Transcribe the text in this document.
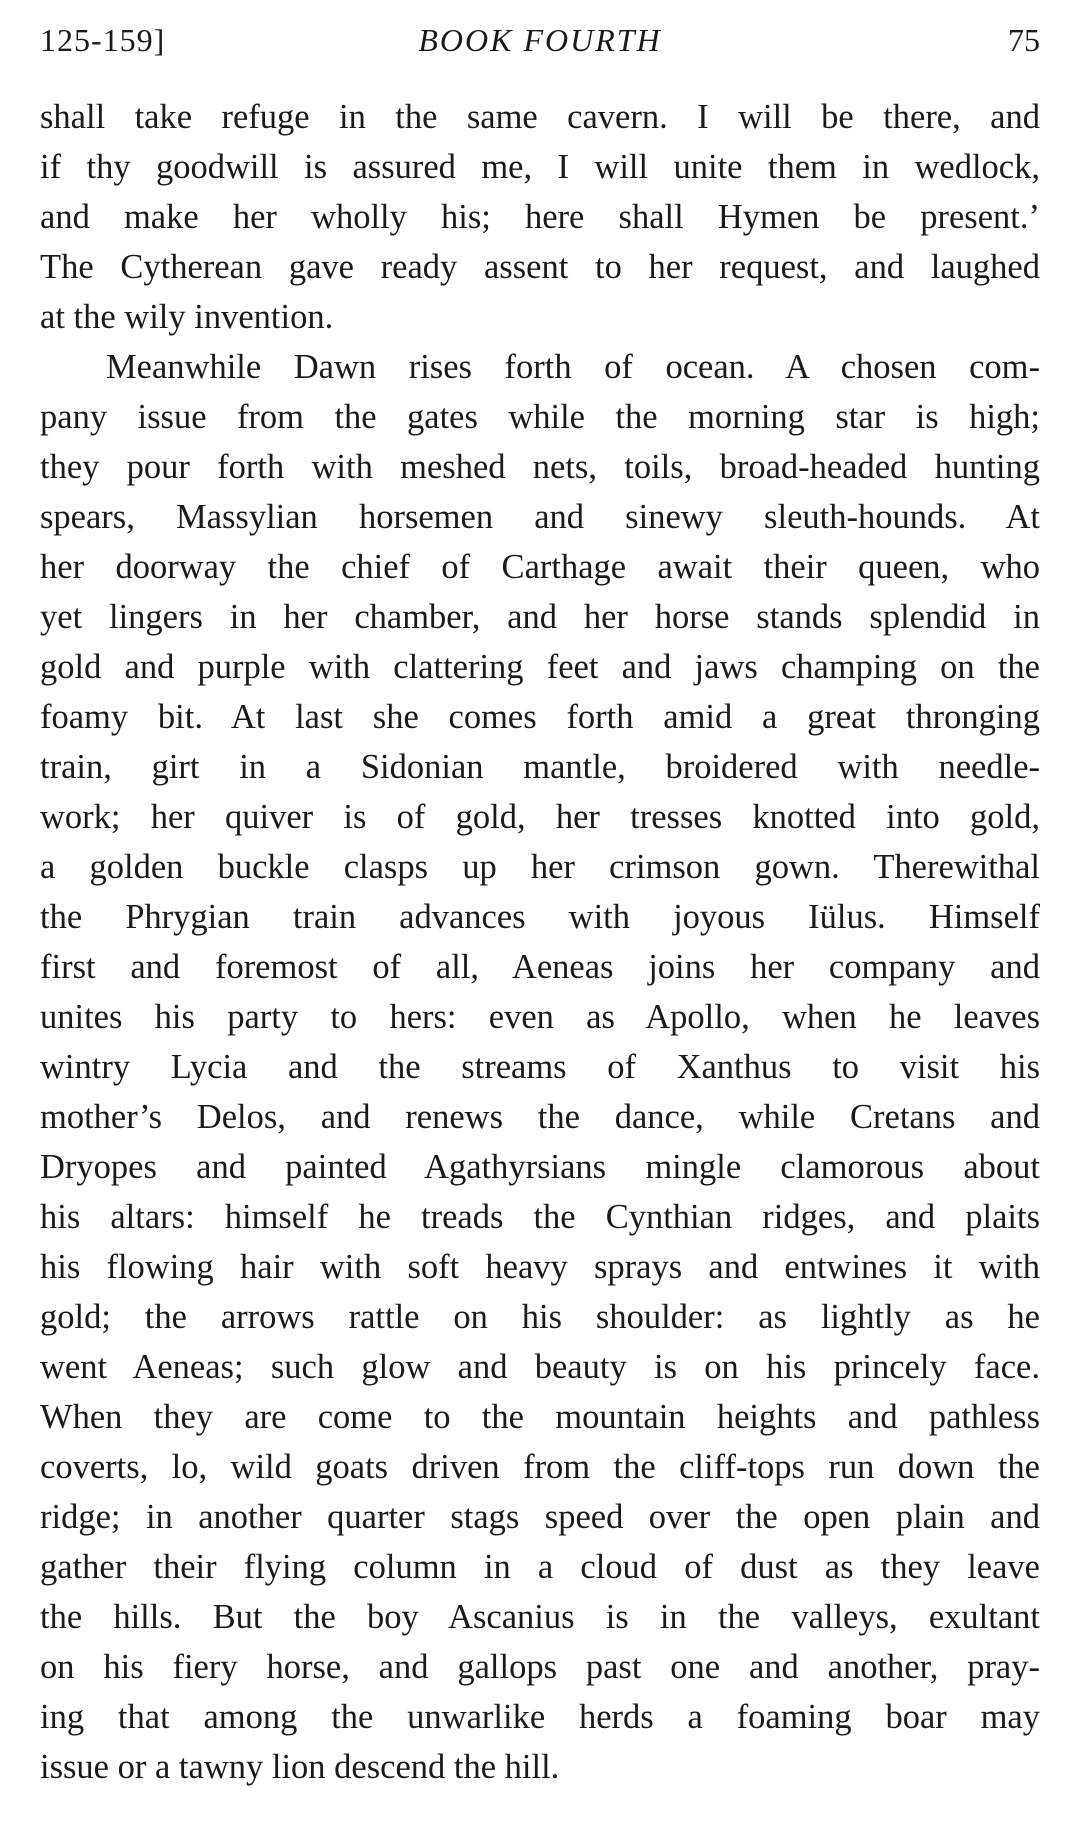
125-159]	BOOK FOURTH	75
shall take refuge in the same cavern. I will be there, and
if thy goodwill is assured me, I will unite them in wedlock,
and make her wholly his; here shall Hymen be present.’
The Cytherean gave ready assent to her request, and laughed
at the wily invention.
Meanwhile Dawn rises forth of ocean. A chosen com-
pany issue from the gates while the morning star is high;
they pour forth with meshed nets, toils, broad-headed hunting
spears, Massylian horsemen and sinewy sleuth-hounds. At
her doorway the chief of Carthage await their queen, who
yet lingers in her chamber, and her horse stands splendid in
gold and purple with clattering feet and jaws champing on the
foamy bit. At last she comes forth amid a great thronging
train, girt in a Sidonian mantle, broidered with needle-
work; her quiver is of gold, her tresses knotted into gold,
a golden buckle clasps up her crimson gown. Therewithal
the Phrygian train advances with joyous Iülus. Himself
first and foremost of all, Aeneas joins her company and
unites his party to hers: even as Apollo, when he leaves
wintry Lycia and the streams of Xanthus to visit his
mother’s Delos, and renews the dance, while Cretans and
Dryopes and painted Agathyrsians mingle clamorous about
his altars: himself he treads the Cynthian ridges, and plaits
his flowing hair with soft heavy sprays and entwines it with
gold; the arrows rattle on his shoulder: as lightly as he
went Aeneas; such glow and beauty is on his princely face.
When they are come to the mountain heights and pathless
coverts, lo, wild goats driven from the cliff-tops run down the
ridge; in another quarter stags speed over the open plain and
gather their flying column in a cloud of dust as they leave
the hills. But the boy Ascanius is in the valleys, exultant
on his fiery horse, and gallops past one and another, pray-
ing that among the unwarlike herds a foaming boar may
issue or a tawny lion descend the hill.
